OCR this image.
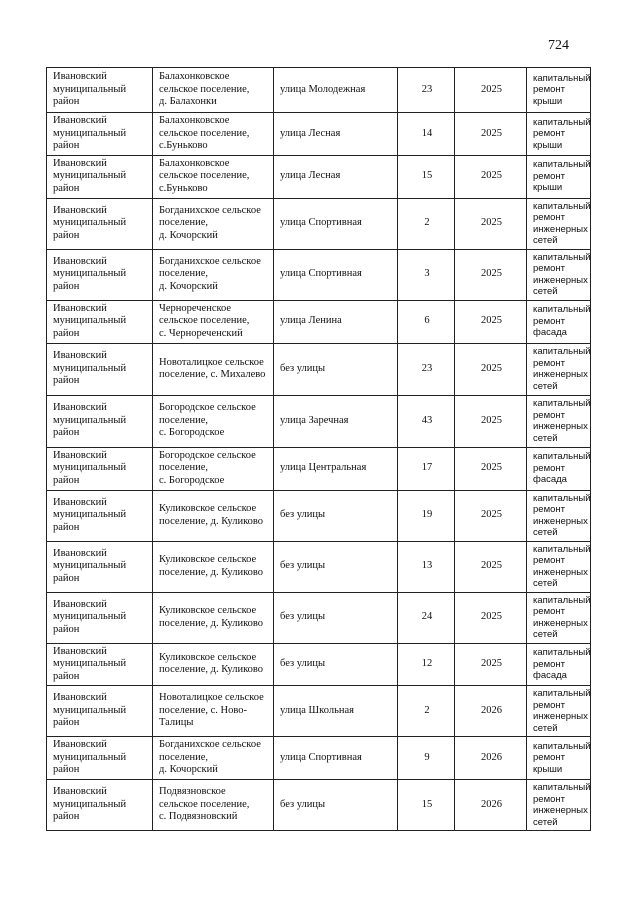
724
Ивановский
муниципальный
район	Балахонковское
сельское поселение,
д. Балахонки	улица Молодежная	23	2025	капитальный
ремонт крыши
Ивановский
муниципальный
район	Балахонковское
сельское поселение,
с.Буньково	улица Лесная	14	2025	капитальный
ремонт крыши
Ивановский
муниципальный
район	Балахонковское
сельское поселение,
с.Буньково	улица Лесная	15	2025	капитальный
ремонт крыши
Ивановский
муниципальный
район	Богданихское сельское
поселение,
д. Кочорский	улица Спортивная	2	2025	капитальный
ремонт
инженерных
сетей
Ивановский
муниципальный
район	Богданихское сельское
поселение,
д. Кочорский	улица Спортивная	3	2025	капитальный
ремонт
инженерных
сетей
Ивановский
муниципальный
район	Чернореченское
сельское поселение,
с. Чернореченский	улица Ленина	6	2025	капитальный
ремонт фасада
Ивановский
муниципальный
район	Новоталицкое сельское
поселение, с. Михалево	без улицы	23	2025	капитальный
ремонт
инженерных
сетей
Ивановский
муниципальный
район	Богородское сельское
поселение,
с. Богородское	улица Заречная	43	2025	капитальный
ремонт
инженерных
сетей
Ивановский
муниципальный
район	Богородское сельское
поселение,
с. Богородское	улица Центральная	17	2025	капитальный
ремонт фасада
Ивановский
муниципальный
район	Куликовское сельское
поселение, д. Куликово	без улицы	19	2025	капитальный
ремонт
инженерных
сетей
Ивановский
муниципальный
район	Куликовское сельское
поселение, д. Куликово	без улицы	13	2025	капитальный
ремонт
инженерных
сетей
Ивановский
муниципальный
район	Куликовское сельское
поселение, д. Куликово	без улицы	24	2025	капитальный
ремонт
инженерных
сетей
Ивановский
муниципальный
район	Куликовское сельское
поселение, д. Куликово	без улицы	12	2025	капитальный
ремонт фасада
Ивановский
муниципальный
район	Новоталицкое сельское
поселение, с. Ново-
Талицы	улица Школьная	2	2026	капитальный
ремонт
инженерных
сетей
Ивановский
муниципальный
район	Богданихское сельское
поселение,
д. Кочорский	улица Спортивная	9	2026	капитальный
ремонт крыши
Ивановский
муниципальный
район	Подвязновское
сельское поселение,
с. Подвязновский	без улицы	15	2026	капитальный
ремонт
инженерных
сетей
